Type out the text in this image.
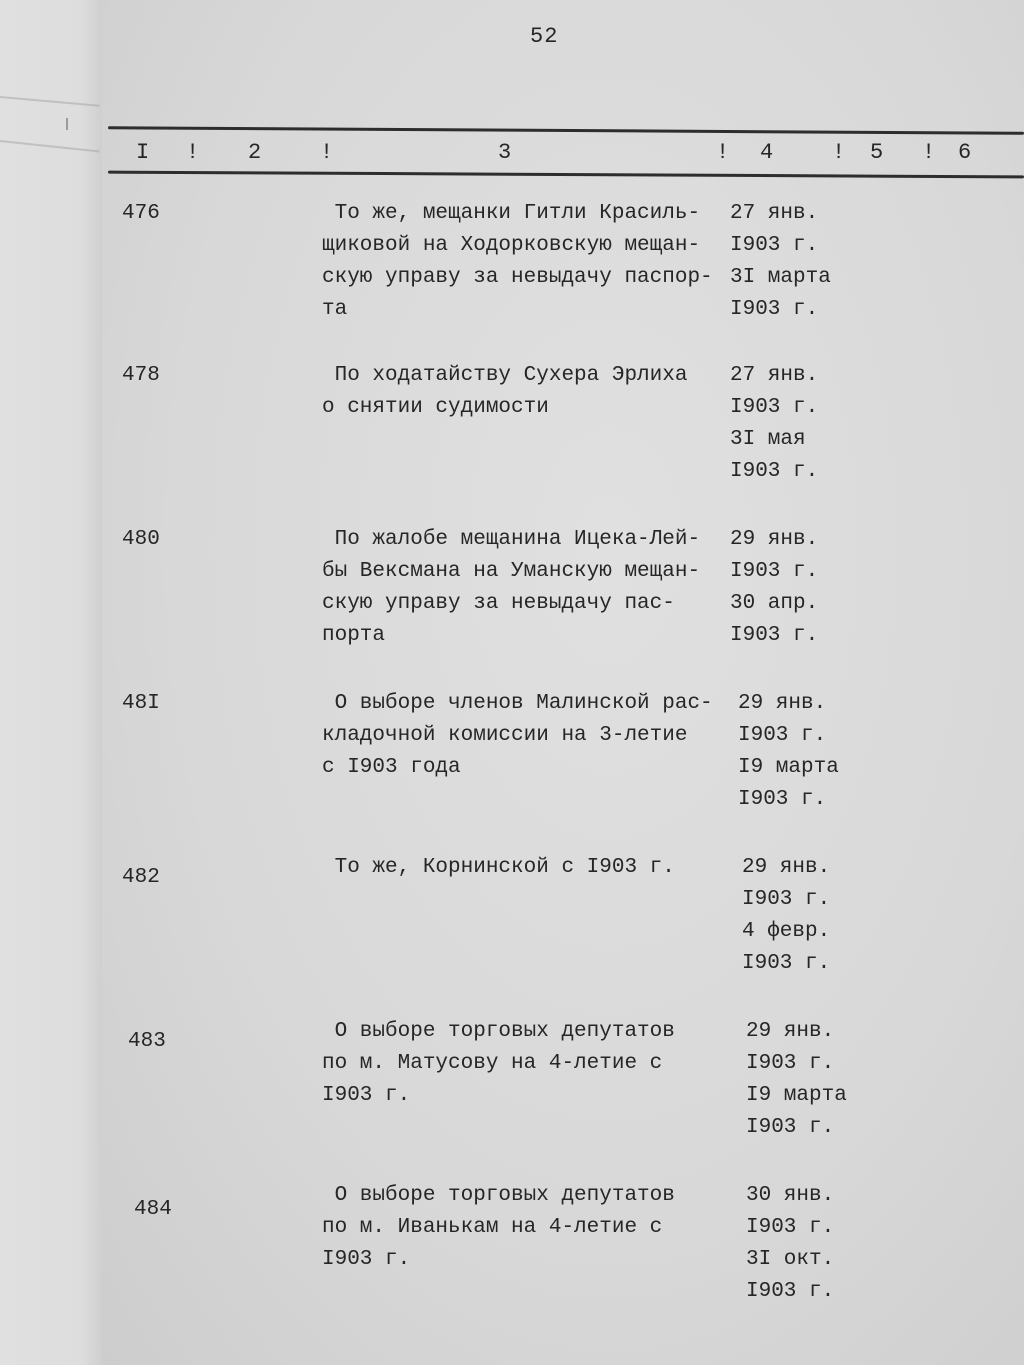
52
I ! 2	!	3	! 4	! 5 ! 6
476	То же, мещанки Гитли Красиль-
щиковой на Ходорковскую мещан-
скую управу за невыдачу паспор-
та
27 янв.
I903 г.
3I марта
I903 г.
478	По ходатайству Сухера Эрлиха
о снятии судимости
27 янв.
I903 г.
3I мая
I903 г.
480	По жалобе мещанина Ицека-Лей-
бы Вексмана на Уманскую мещан-
скую управу за невыдачу пас-
порта
29 янв.
I903 г.
30 апр.
I903 г.
48I	О выборе членов Малинской рас-
кладочной комиссии на 3-летие
с I903 года
29 янв.
I903 г.
I9 марта
I903 г.
482	То же, Корнинской с I903 г.	29 янв.
I903 г.
4 февр.
I903 г.
483	О выборе торговых депутатов
по м. Матусову на 4-летие с
I903 г.
29 янв.
I903 г.
I9 марта
I903 г.
484
О выборе торговых депутатов
по м. Иванькам на 4-летие с
I903 г.
30 янв.
I903 г.
3I окт.
I903 г.
